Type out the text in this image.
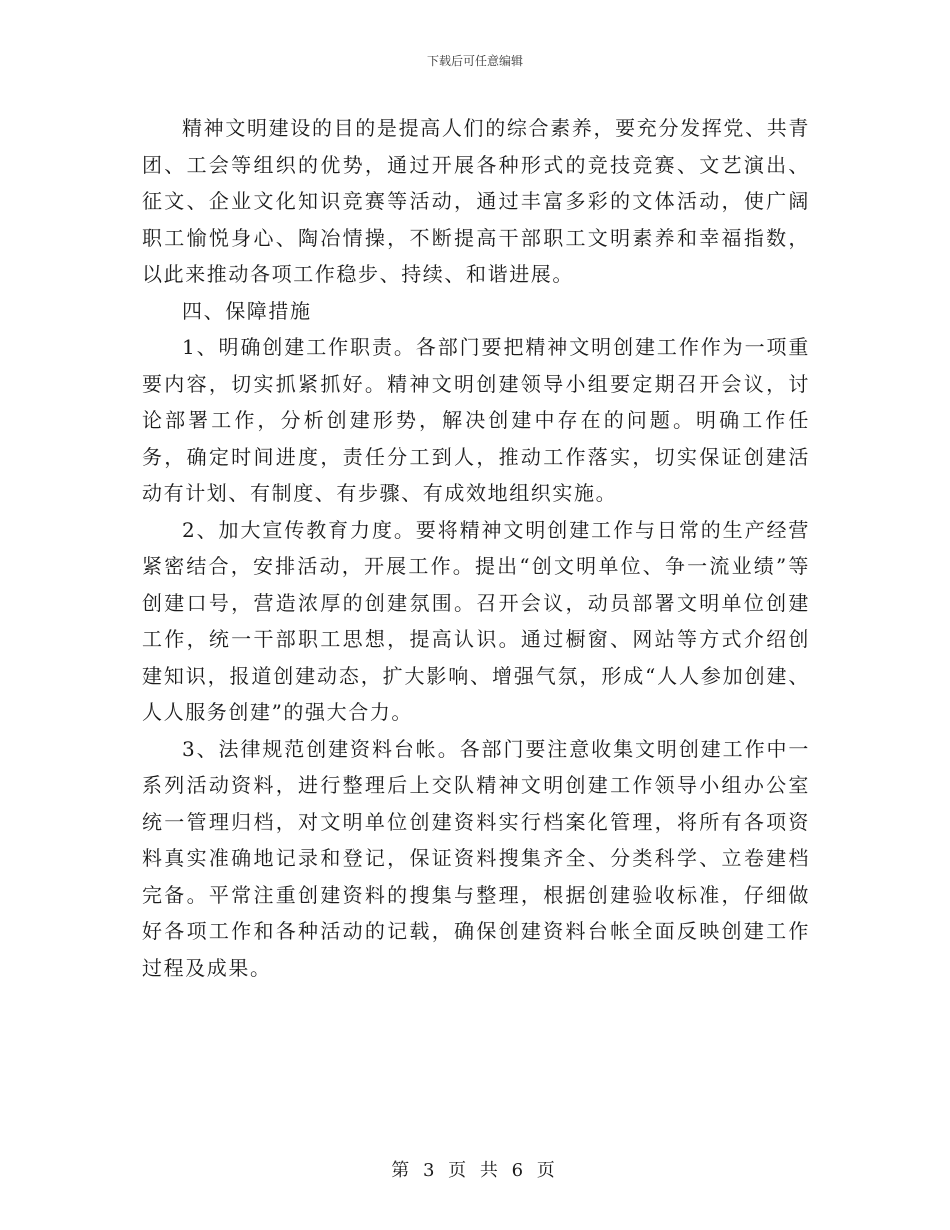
下载后可任意编辑

精神文明建设的目的是提高人们的综合素养，要充分发挥党、共青团、工会等组织的优势，通过开展各种形式的竞技竞赛、文艺演出、征文、企业文化知识竞赛等活动，通过丰富多彩的文体活动，使广阔职工愉悦身心、陶冶情操，不断提高干部职工文明素养和幸福指数，以此来推动各项工作稳步、持续、和谐进展。

四、保障措施

1、明确创建工作职责。各部门要把精神文明创建工作作为一项重要内容，切实抓紧抓好。精神文明创建领导小组要定期召开会议，讨论部署工作，分析创建形势，解决创建中存在的问题。明确工作任务，确定时间进度，责任分工到人，推动工作落实，切实保证创建活动有计划、有制度、有步骤、有成效地组织实施。

2、加大宣传教育力度。要将精神文明创建工作与日常的生产经营紧密结合，安排活动，开展工作。提出“创文明单位、争一流业绩”等创建口号，营造浓厚的创建氛围。召开会议，动员部署文明单位创建工作，统一干部职工思想，提高认识。通过橱窗、网站等方式介绍创建知识，报道创建动态，扩大影响、增强气氛，形成“人人参加创建、人人服务创建”的强大合力。

3、法律规范创建资料台帐。各部门要注意收集文明创建工作中一系列活动资料，进行整理后上交队精神文明创建工作领导小组办公室统一管理归档，对文明单位创建资料实行档案化管理，将所有各项资料真实准确地记录和登记，保证资料搜集齐全、分类科学、立卷建档完备。平常注重创建资料的搜集与整理，根据创建验收标准，仔细做好各项工作和各种活动的记载，确保创建资料台帐全面反映创建工作过程及成果。

第 3 页 共 6 页
